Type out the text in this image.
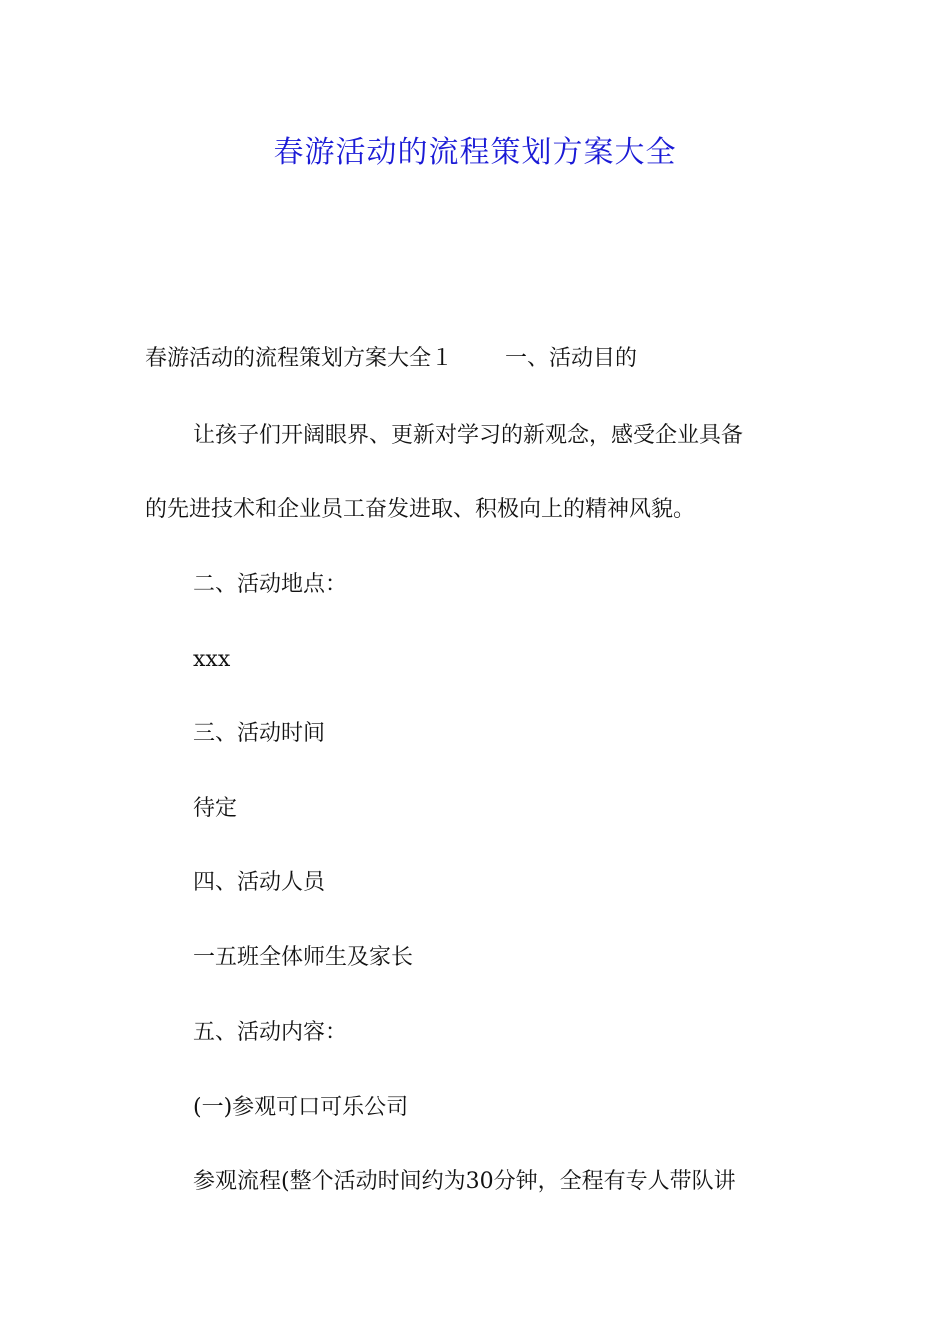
春游活动的流程策划方案大全
春游活动的流程策划方案大全１ 一、活动目的
让孩子们开阔眼界、更新对学习的新观念，感受企业具备
的先进技术和企业员工奋发进取、积极向上的精神风貌。
二、活动地点：
xxx
三、活动时间
待定
四、活动人员
一五班全体师生及家长
五、活动内容：
(一)参观可口可乐公司
参观流程(整个活动时间约为30分钟，全程有专人带队讲
